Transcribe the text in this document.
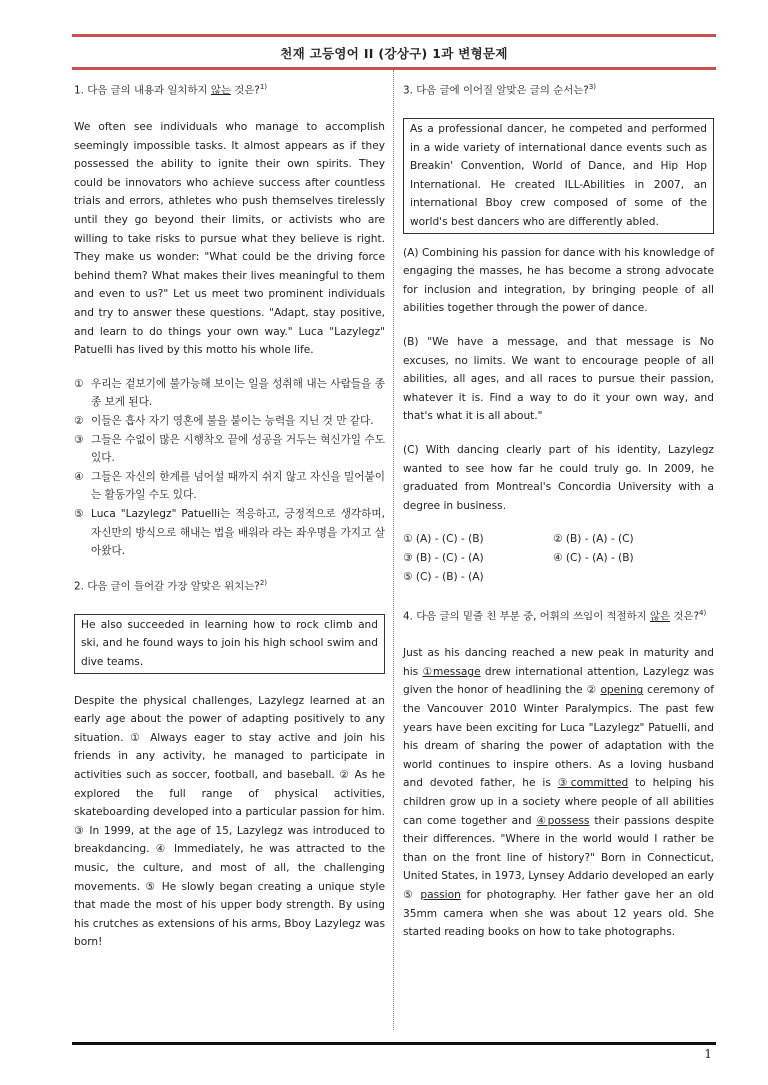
천재 고등영어 II (강상구) 1과 변형문제
1. 다음 글의 내용과 일치하지 않는 것은?$^{1)}$

We often see individuals who manage to accomplish seemingly impossible tasks. It almost appears as if they possessed the ability to ignite their own spirits. They could be innovators who achieve success after countless trials and errors, athletes who push themselves tirelessly until they go beyond their limits, or activists who are willing to take risks to pursue what they believe is right. They make us wonder: "What could be the driving force behind them? What makes their lives meaningful to them and even to us?" Let us meet two prominent individuals and try to answer these questions. "Adapt, stay positive, and learn to do things your own way." Luca "Lazylegz" Patuelli has lived by this motto his whole life.

① 우리는 겉보기에 불가능해 보이는 일을 성취해 내는 사람들을 종종 보게 된다.
② 이들은 흡사 자기 영혼에 불을 붙이는 능력을 지닌 것 만 같다.
③ 그들은 수없이 많은 시행착오 끝에 성공을 거두는 혁신가일 수도 있다.
④ 그들은 자신의 한계를 넘어설 때까지 쉬지 않고 자신을 밀어붙이는 활동가일 수도 있다.
⑤ Luca "Lazylegz" Patuelli는 적응하고, 긍정적으로 생각하며, 자신만의 방식으로 해내는 법을 배워라 라는 좌우명을 가지고 살아왔다.
2. 다음 글이 들어갈 가장 알맞은 위치는?$^{2)}$
He also succeeded in learning how to rock climb and ski, and he found ways to join his high school swim and dive teams.

Despite the physical challenges, Lazylegz learned at an early age about the power of adapting positively to any situation. ① Always eager to stay active and join his friends in any activity, he managed to participate in activities such as soccer, football, and baseball. ② As he explored the full range of physical activities, skateboarding developed into a particular passion for him. ③ In 1999, at the age of 15, Lazylegz was introduced to breakdancing. ④ Immediately, he was attracted to the music, the culture, and most of all, the challenging movements. ⑤ He slowly began creating a unique style that made the most of his upper body strength. By using his crutches as extensions of his arms, Bboy Lazylegz was born!

3. 다음 글에 이어질 알맞은 글의 순서는?$^{3)}$
As a professional dancer, he competed and performed in a wide variety of international dance events such as Breakin' Convention, World of Dance, and Hip Hop International. He created ILL-Abilities in 2007, an international Bboy crew composed of some of the world's best dancers who are differently abled.

(A) Combining his passion for dance with his knowledge of engaging the masses, he has become a strong advocate for inclusion and integration, by bringing people of all abilities together through the power of dance.

(B) "We have a message, and that message is No excuses, no limits. We want to encourage people of all abilities, all ages, and all races to pursue their passion, whatever it is. Find a way to do it your own way, and that's what it is all about."

(C) With dancing clearly part of his identity, Lazylegz wanted to see how far he could truly go. In 2009, he graduated from Montreal's Concordia University with a degree in business.

① (A) - (C) - (B)	② (B) - (A) - (C)
③ (B) - (C) - (A)	④ (C) - (A) - (B)
⑤ (C) - (B) - (A)
4. 다음 글의 밑줄 친 부분 중, 어휘의 쓰임이 적절하지 않은 것은?$^{4)}$

Just as his dancing reached a new peak in maturity and his ①message drew international attention, Lazylegz was given the honor of headlining the ② opening ceremony of the Vancouver 2010 Winter Paralympics. The past few years have been exciting for Luca "Lazylegz" Patuelli, and his dream of sharing the power of adaptation with the world continues to inspire others. As a loving husband and devoted father, he is ③committed to helping his children grow up in a society where people of all abilities can come together and ④possess their passions despite their differences. "Where in the world would I rather be than on the front line of history?" Born in Connecticut, United States, in 1973, Lynsey Addario developed an early ⑤ passion for photography. Her father gave her an old 35mm camera when she was about 12 years old. She started reading books on how to take photographs.

1
